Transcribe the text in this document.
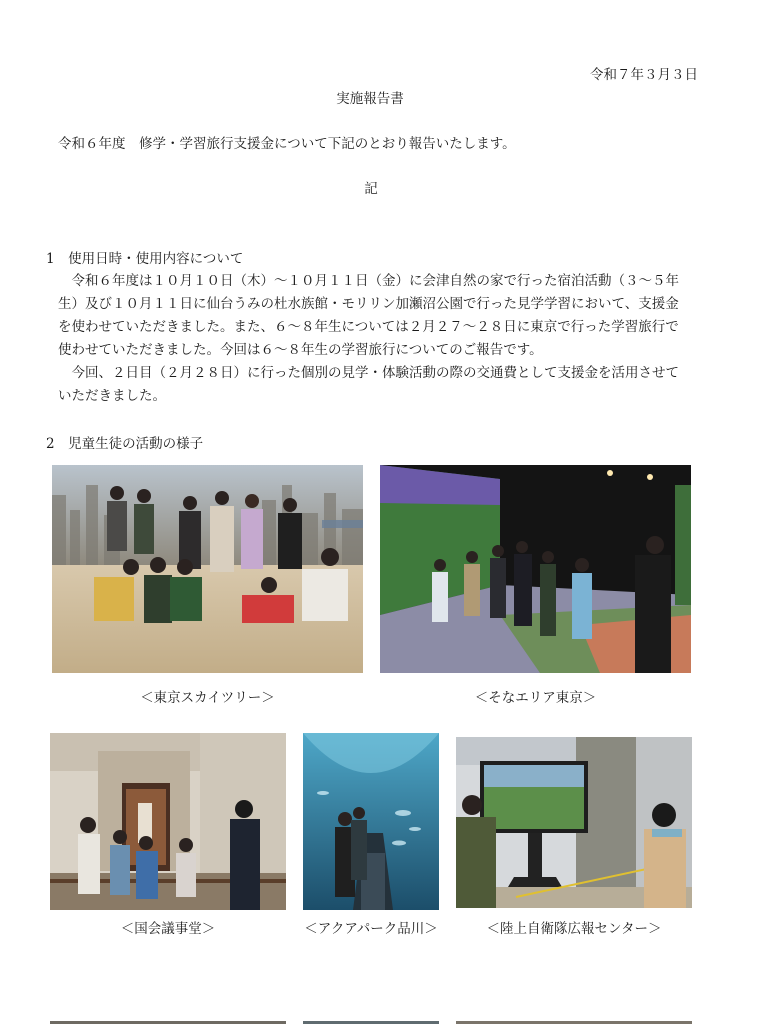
令和７年３月３日
実施報告書
令和６年度　修学・学習旅行支援金について下記のとおり報告いたします。
記
1　使用日時・使用内容について
　令和６年度は１０月１０日（木）～１０月１１日（金）に会津自然の家で行った宿泊活動（３～５年
生）及び１０月１１日に仙台うみの杜水族館・モリリン加瀬沼公園で行った見学学習において、支援金
を使わせていただきました。また、６～８年生については２月２７～２８日に東京で行った学習旅行で
使わせていただきました。今回は６～８年生の学習旅行についてのご報告です。
　今回、２日目（２月２８日）に行った個別の見学・体験活動の際の交通費として支援金を活用させて
いただきました。
2　児童生徒の活動の様子
＜東京スカイツリー＞	＜そなエリア東京＞
＜国会議事堂＞	＜アクアパーク品川＞	＜陸上自衛隊広報センター＞
